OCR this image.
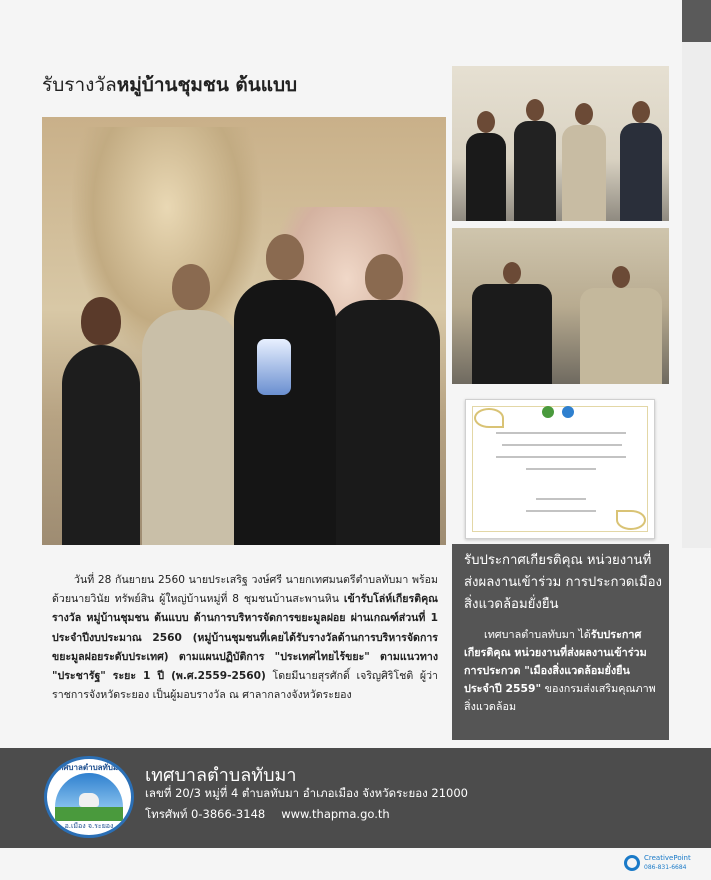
รับรางวัลหมู่บ้านชุมชน ต้นแบบ
รับประกาศเกียรติคุณ หน่วยงานที่ส่งผลงานเข้าร่วม การประกวดเมืองสิ่งแวดล้อมยั่งยืน

เทศบาลตำบลทับมา ได้รับประกาศเกียรติคุณ หน่วยงานที่ส่งผลงานเข้าร่วมการประกวด "เมืองสิ่งแวดล้อมยั่งยืน ประจำปี 2559" ของกรมส่งเสริมคุณภาพสิ่งแวดล้อม

วันที่ 28 กันยายน 2560 นายประเสริฐ วงษ์ศรี นายกเทศมนตรีตำบลทับมา พร้อมด้วยนายวินัย ทรัพย์สิน ผู้ใหญ่บ้านหมู่ที่ 8 ชุมชนบ้านสะพานหิน เข้ารับโล่ห์เกียรติคุณรางวัล หมู่บ้านชุมชน ต้นแบบ ด้านการบริหารจัดการขยะมูลฝอย ผ่านเกณฑ์ส่วนที่ 1 ประจำปีงบประมาณ 2560 (หมู่บ้านชุมชนที่เคยได้รับรางวัลด้านการบริหารจัดการขยะมูลฝอยระดับประเทศ) ตามแผนปฏิบัติการ "ประเทศไทยไร้ขยะ" ตามแนวทาง "ประชารัฐ" ระยะ 1 ปี (พ.ศ.2559-2560) โดยมีนายสุรศักดิ์ เจริญศิริโชติ ผู้ว่าราชการจังหวัดระยอง เป็นผู้มอบรางวัล ณ ศาลากลางจังหวัดระยอง

เทศบาลตำบลทับมา
อ.เมือง จ.ระยอง
เทศบาลตำบลทับมา
เลขที่ 20/3 หมู่ที่ 4 ตำบลทับมา อำเภอเมือง จังหวัดระยอง 21000
โทรศัพท์ 0-3866-3148 www.thapma.go.th
CreativePoint
086-831-6684
